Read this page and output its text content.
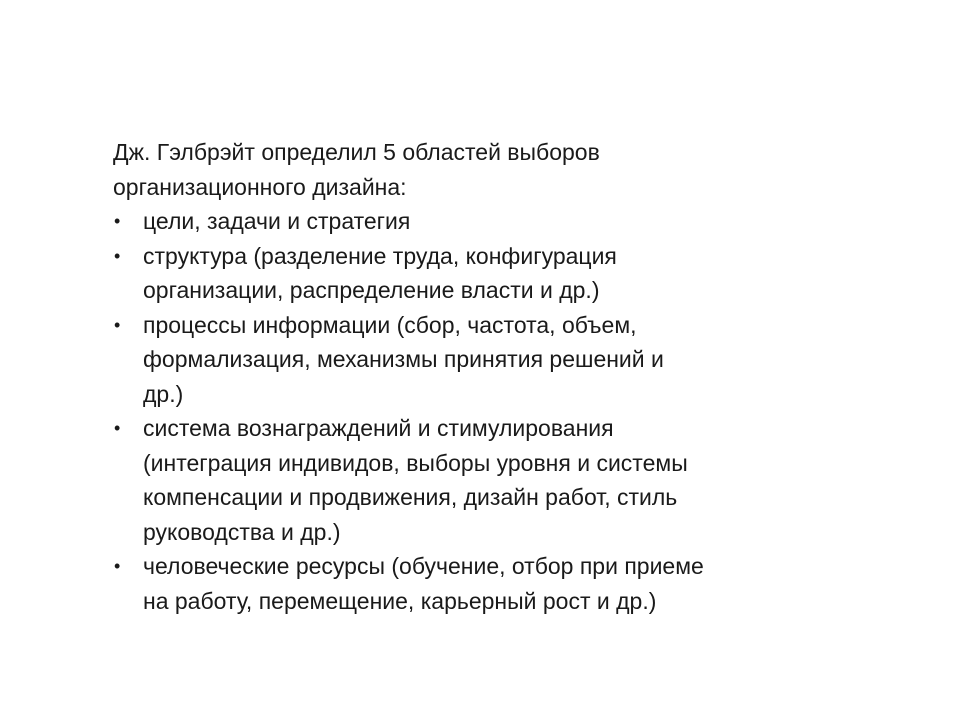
Дж. Гэлбрэйт определил 5 областей выборов
организационного дизайна:
• цели, задачи и стратегия
• структура (разделение труда, конфигурация
организации, распределение власти и др.)
• процессы информации (сбор, частота, объем,
формализация, механизмы принятия решений и
др.)
• система вознаграждений и стимулирования
(интеграция индивидов, выборы уровня и системы
компенсации и продвижения, дизайн работ, стиль
руководства и др.)
• человеческие ресурсы (обучение, отбор при приеме
на работу, перемещение, карьерный рост и др.)
